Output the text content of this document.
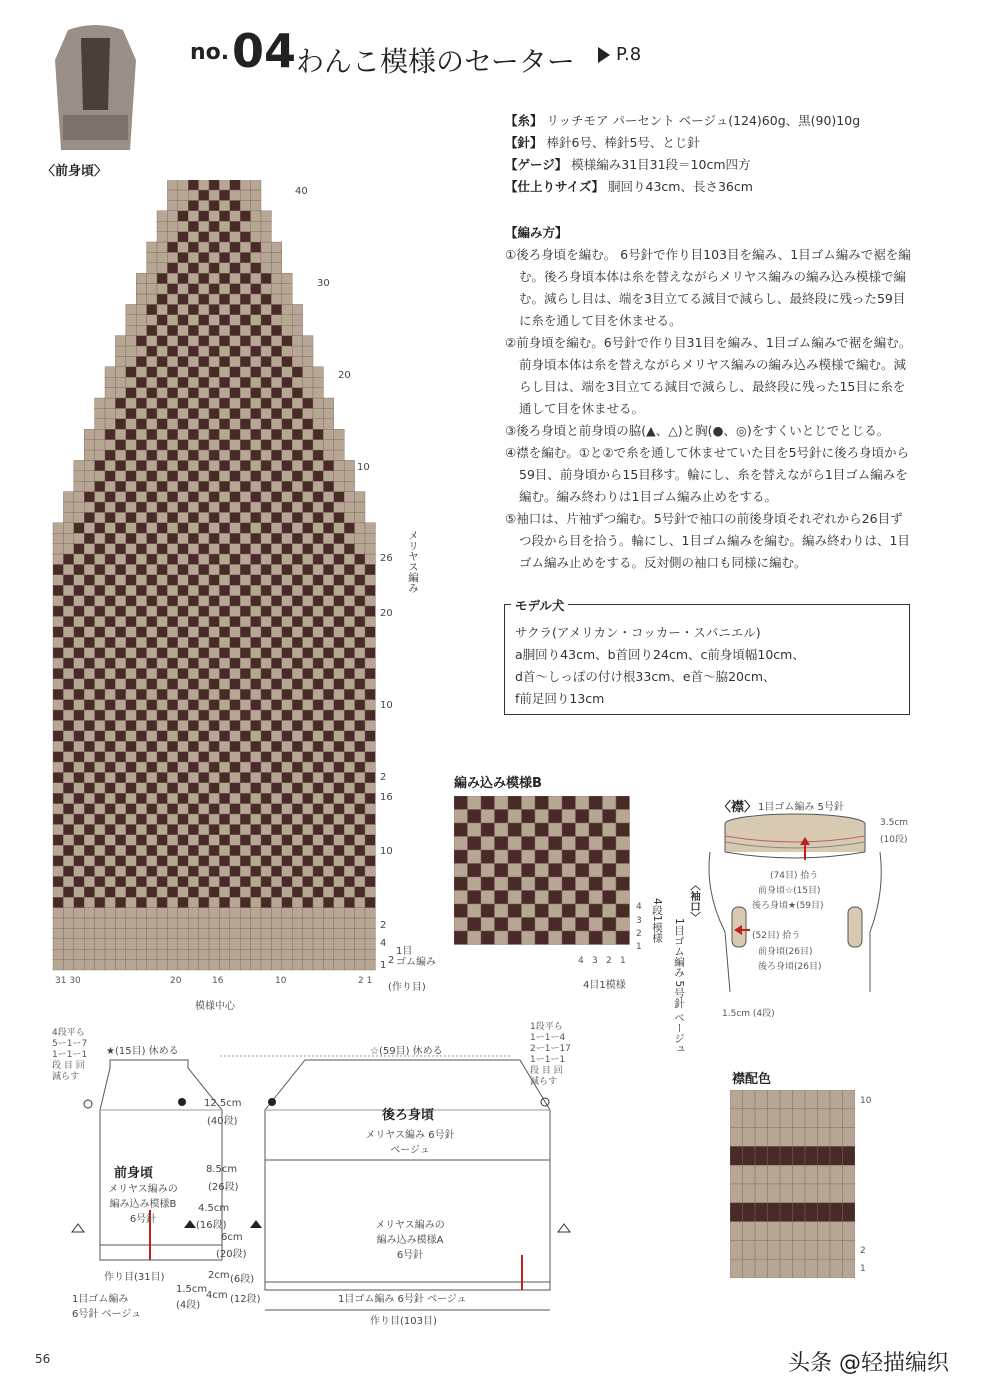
no. 04 わんこ模様のセーター	P.8
〈前身頃〉
【糸】 リッチモア パーセント ベージュ(124)60g、黒(90)10g
【針】 棒針6号、棒針5号、とじ針
【ゲージ】 模様編み31目31段＝10cm四方
【仕上りサイズ】 胴回り43cm、長さ36cm
【編み方】

①後ろ身頃を編む。 6号針で作り目103目を編み、1目ゴム編みで裾を編む。後ろ身頃本体は糸を替えながらメリヤス編みの編み込み模様で編む。減らし目は、端を3目立てる減目で減らし、最終段に残った59目に糸を通して目を休ませる。

②前身頃を編む。6号針で作り目31目を編み、1目ゴム編みで裾を編む。前身頃本体は糸を替えながらメリヤス編みの編み込み模様で編む。減らし目は、端を3目立てる減目で減らし、最終段に残った15目に糸を通して目を休ませる。

③後ろ身頃と前身頃の脇(▲、△)と胸(●、◎)をすくいとじでとじる。

④襟を編む。①と②で糸を通して休ませていた目を5号針に後ろ身頃から59目、前身頃から15目移す。輪にし、糸を替えながら1目ゴム編みを編む。編み終わりは1目ゴム編み止めをする。

⑤袖口は、片袖ずつ編む。5号針で袖口の前後身頃それぞれから26目ずつ段から目を拾う。輪にし、1目ゴム編みを編む。編み終わりは、1目ゴム編み止めをする。反対側の袖口も同様に編む。

モデル犬
サクラ(アメリカン・コッカー・スパニエル)
a胴回り43cm、b首回り24cm、c前身頃幅10cm、
d首〜しっぽの付け根33cm、e首〜脇20cm、
f前足回り13cm
40
30
20
10
26
20
10
2
16
10
2
4
1 2
31 30	20	16	10	2 1
模様中心
(作り目)
1目
ゴム編み
メリヤス編み
編み込み模様B
4
3
2
1
4段1模様
4 3 2 1
4目1模様
〈襟〉 1目ゴム編み 5号針
3.5cm
(10段)
(74目) 拾う
前身頃☆(15目)
後ろ身頃★(59目)
〈袖口〉
1目ゴム編み 5号針 ベージュ	(52目) 拾う
前身頃(26目)
後ろ身頃(26目)
1.5cm (4段)
4段平ら
5ー1ー7
1ー1ー1
段 目 回
減らす
★(15目) 休める	☆(59目) 休める
1段平ら
1ー1ー4
2ー1ー17
1ー1ー1
段 目 回
減らす
12.5cm
(40段)
8.5cm
(26段)
4.5cm
(16段)
6cm
(20段)
2cm (6段)
1.5cm
(4段)
4cm (12段)
前身頃
メリヤス編みの
編み込み模様B
6号針
作り目(31目)
1目ゴム編み
6号針 ベージュ
後ろ身頃
メリヤス編み 6号針
ベージュ
メリヤス編みの
編み込み模様A
6号針
1目ゴム編み 6号針 ベージュ
作り目(103目)
襟配色
10
2
1
56	头条 @轻描编织
